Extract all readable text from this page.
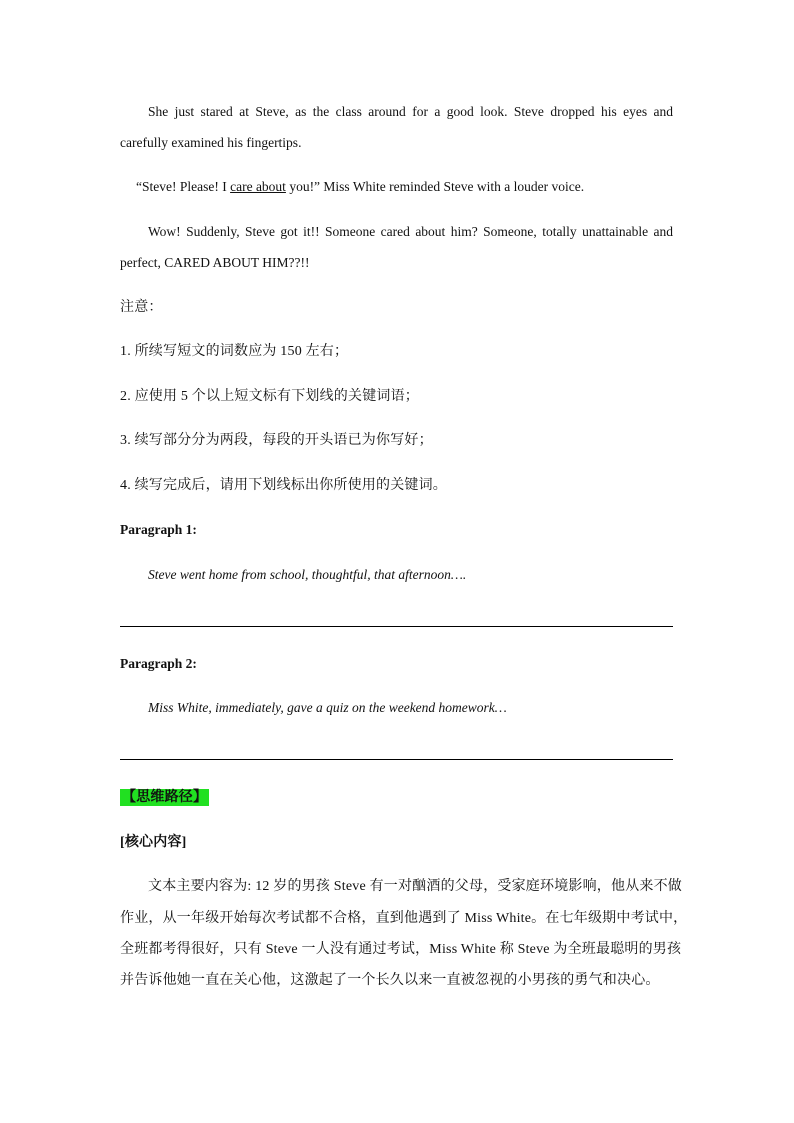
She just stared at Steve, as the class around for a good look. Steve dropped his eyes and
carefully examined his fingertips.
“Steve! Please! I care about you!” Miss White reminded Steve with a louder voice.
Wow! Suddenly, Steve got it!! Someone cared about him? Someone, totally unattainable and
perfect, CARED ABOUT HIM??!!
注意：
1. 所续写短文的词数应为 150 左右；
2. 应使用 5 个以上短文标有下划线的关键词语；
3. 续写部分分为两段，每段的开头语已为你写好；
4. 续写完成后，请用下划线标出你所使用的关键词。
Paragraph 1:
Steve went home from school, thoughtful, that afternoon….
Paragraph 2:
Miss White, immediately, gave a quiz on the weekend homework…
【思维路径】
[核心内容]
文本主要内容为: 12 岁的男孩 Steve 有一对酗酒的父母，受家庭环境影响，他从来不做
作业，从一年级开始每次考试都不合格，直到他遇到了 Miss White。在七年级期中考试中，
全班都考得很好，只有 Steve 一人没有通过考试，Miss White 称 Steve 为全班最聪明的男孩
并告诉他她一直在关心他，这激起了一个长久以来一直被忽视的小男孩的勇气和决心。
